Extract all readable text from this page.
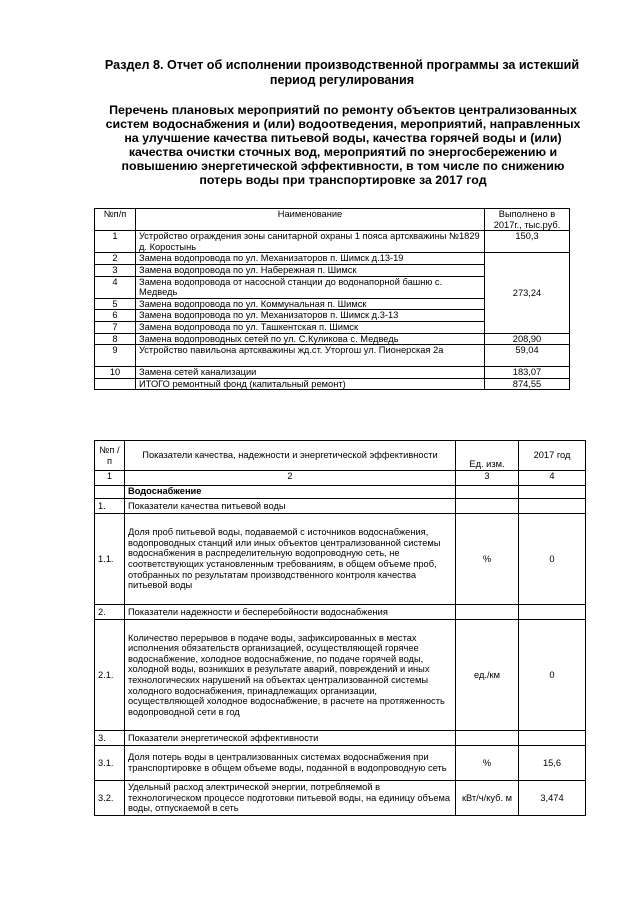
Раздел 8. Отчет об исполнении производственной программы за истекший период регулирования
Перечень плановых мероприятий по ремонту объектов централизованных систем водоснабжения и (или) водоотведения, мероприятий, направленных на улучшение качества питьевой воды, качества горячей воды и (или) качества очистки сточных вод, мероприятий по энергосбережению и повышению энергетической эффективности, в том числе по снижению потерь воды при транспортировке за 2017 год
№п/п	Наименование	Выполнено в 2017г., тыс.руб.
1	Устройство ограждения зоны санитарной охраны 1 пояса артскважины №1829 д. Коростынь	150,3
2	Замена водопровода по ул. Механизаторов п. Шимск д.13-19	273,24
3	Замена водопровода по ул. Набережная п. Шимск	
4	Замена водопровода от насосной станции до водонапорной башню с. Медведь	
5	Замена водопровода по ул. Коммунальная п. Шимск	
6	Замена водопровода по ул. Механизаторов п. Шимск д.3-13	
7	Замена водопровода по ул. Ташкентская п. Шимск	
8	Замена водопроводных сетей по ул. С.Куликова с. Медведь	208,90
9	Устройство павильона артскважины жд.ст. Уторгош ул. Пионерская 2а	59,04
10	Замена сетей канализации	183,07
	ИТОГО ремонтный фонд (капитальный ремонт)	874,55
№п /п	Показатели качества, надежности и энергетической эффективности	Ед. изм.	2017 год
1	2	3	4
	Водоснабжение		
1.	Показатели качества питьевой воды		
1.1.	Доля проб питьевой воды, подаваемой с источников водоснабжения, водопроводных станций или иных объектов централизованной системы водоснабжения в распределительную водопроводную сеть, не соответствующих установленным требованиям, в общем объеме проб, отобранных по результатам производственного контроля качества питьевой воды	%	0
2.	Показатели надежности и бесперебойности водоснабжения		
2.1.	Количество перерывов в подаче воды, зафиксированных в местах исполнения обязательств организацией, осуществляющей горячее водоснабжение, холодное водоснабжение, по подаче горячей воды, холодной воды, возникших в результате аварий, повреждений и иных технологических нарушений на объектах централизованной системы холодного водоснабжения, принадлежащих организации, осуществляющей холодное водоснабжение, в расчете на протяженность водопроводной сети в год	ед./км	0
3.	Показатели энергетической эффективности		
3.1.	Доля потерь воды в централизованных системах водоснабжения при транспортировке в общем объеме воды, поданной в водопроводную сеть	%	15,6
3.2.	Удельный расход электрической энергии, потребляемой в технологическом процессе подготовки питьевой воды, на единицу объема воды, отпускаемой в сеть	кВт/ч/куб. м	3,474
